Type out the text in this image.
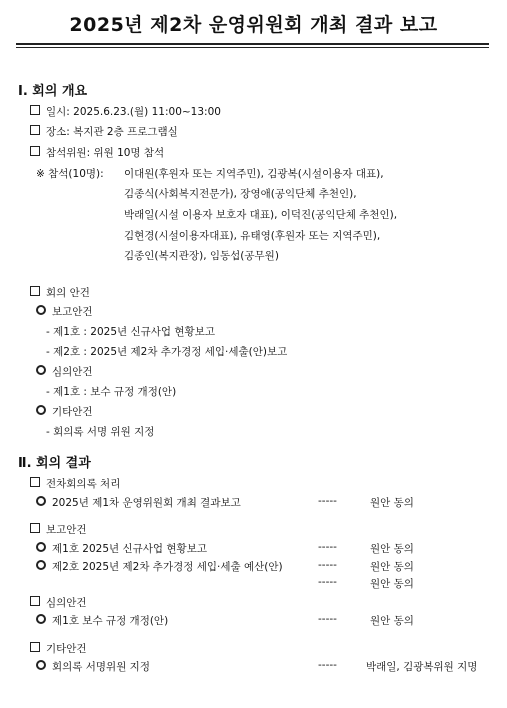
2025년 제2차 운영위원회 개최 결과 보고
Ⅰ. 회의 개요
일시: 2025.6.23.(월) 11:00~13:00
장소: 복지관 2층 프로그램실
참석위원: 위원 10명 참석
※ 참석(10명): 이대원(후원자 또는 지역주민), 김광복(시설이용자 대표),
김종식(사회복지전문가), 장영애(공익단체 추천인),
박래일(시설 이용자 보호자 대표), 이덕진(공익단체 추천인),
김현경(시설이용자대표), 유태영(후원자 또는 지역주민),
김종인(복지관장), 임동섭(공무원)
회의 안건
보고안건
- 제1호 : 2025년 신규사업 현황보고
- 제2호 : 2025년 제2차 추가경정 세입·세출(안)보고
심의안건
- 제1호 : 보수 규정 개정(안)
기타안건
- 회의록 서명 위원 지정
Ⅱ. 회의 결과
전차회의록 처리
2025년 제1차 운영위원회 개최 결과보고	-----	원안 동의
보고안건
제1호 2025년 신규사업 현황보고	-----	원안 동의
제2호 2025년 제2차 추가경정 세입·세출 예산(안)	-----	원안 동의
-----	원안 동의
심의안건
제1호 보수 규정 개정(안)	-----	원안 동의
기타안건
회의록 서명위원 지정	-----	박래일, 김광복위원 지명
